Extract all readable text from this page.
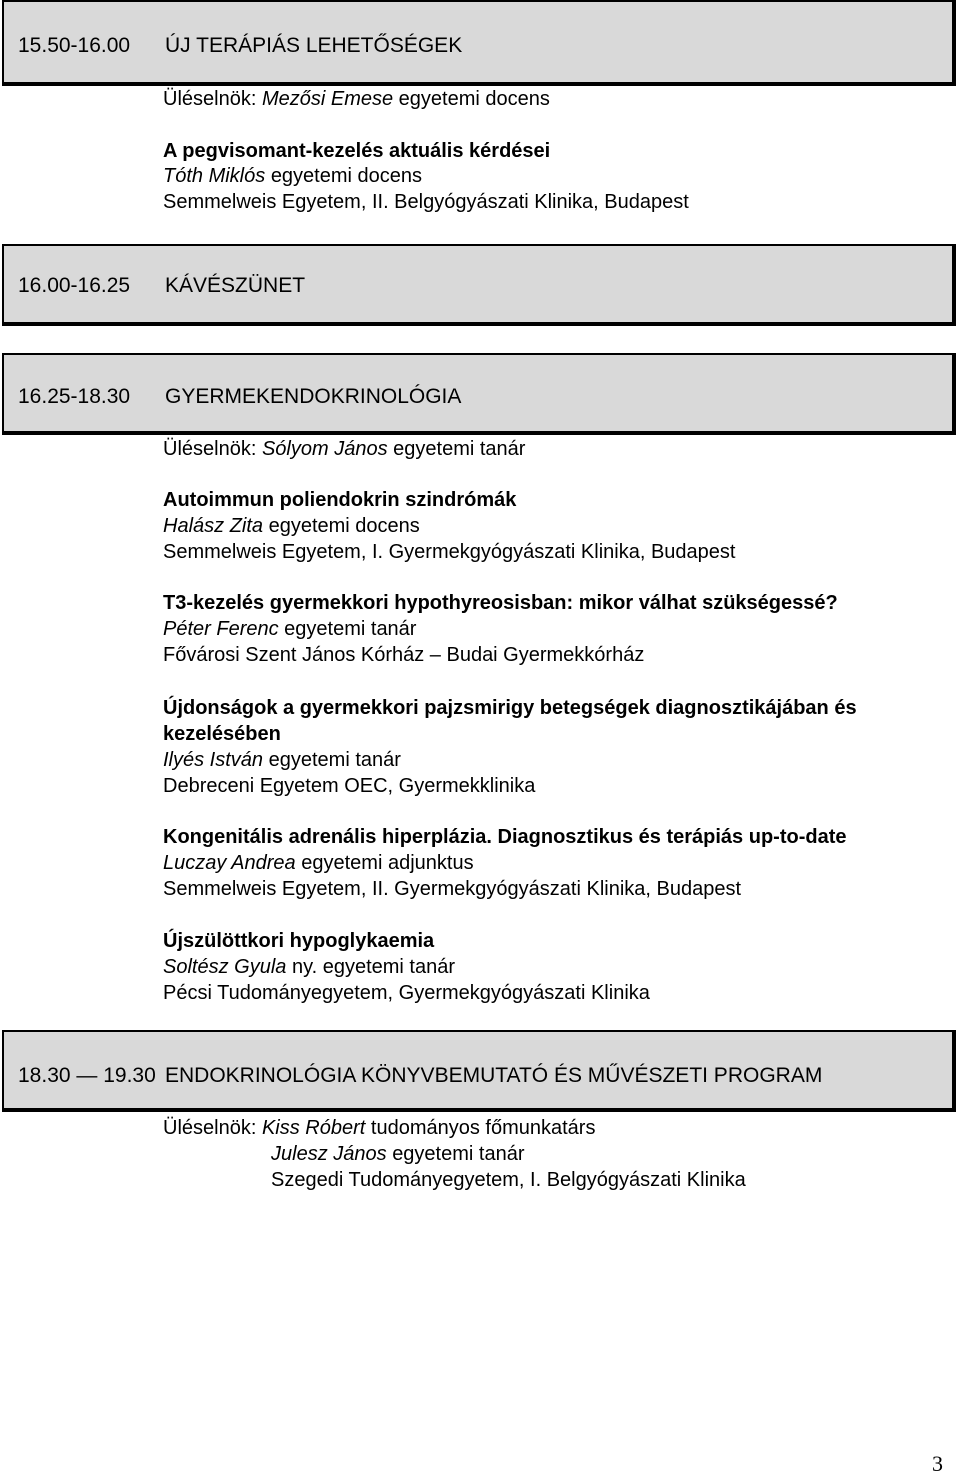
15.50-16.00 ÚJ TERÁPIÁS LEHETŐSÉGEK
Üléselnök: Mezősi Emese egyetemi docens
A pegvisomant-kezelés aktuális kérdései
Tóth Miklós egyetemi docens
Semmelweis Egyetem, II. Belgyógyászati Klinika, Budapest
16.00-16.25 KÁVÉSZÜNET
16.25-18.30 GYERMEKENDOKRINOLÓGIA
Üléselnök: Sólyom János egyetemi tanár
Autoimmun poliendokrin szindrómák
Halász Zita egyetemi docens
Semmelweis Egyetem, I. Gyermekgyógyászati Klinika, Budapest
T3-kezelés gyermekkori hypothyreosisban: mikor válhat szükségessé?
Péter Ferenc egyetemi tanár
Fővárosi Szent János Kórház – Budai Gyermekkórház
Újdonságok a gyermekkori pajzsmirigy betegségek diagnosztikájában és
kezelésében
Ilyés István egyetemi tanár
Debreceni Egyetem OEC, Gyermekklinika
Kongenitális adrenális hiperplázia. Diagnosztikus és terápiás up-to-date
Luczay Andrea egyetemi adjunktus
Semmelweis Egyetem, II. Gyermekgyógyászati Klinika, Budapest
Újszülöttkori hypoglykaemia
Soltész Gyula ny. egyetemi tanár
Pécsi Tudományegyetem, Gyermekgyógyászati Klinika
18.30 — 19.30 ENDOKRINOLÓGIA KÖNYVBEMUTATÓ ÉS MŰVÉSZETI PROGRAM
Üléselnök: Kiss Róbert tudományos főmunkatárs
Julesz János egyetemi tanár
Szegedi Tudományegyetem, I. Belgyógyászati Klinika
3
